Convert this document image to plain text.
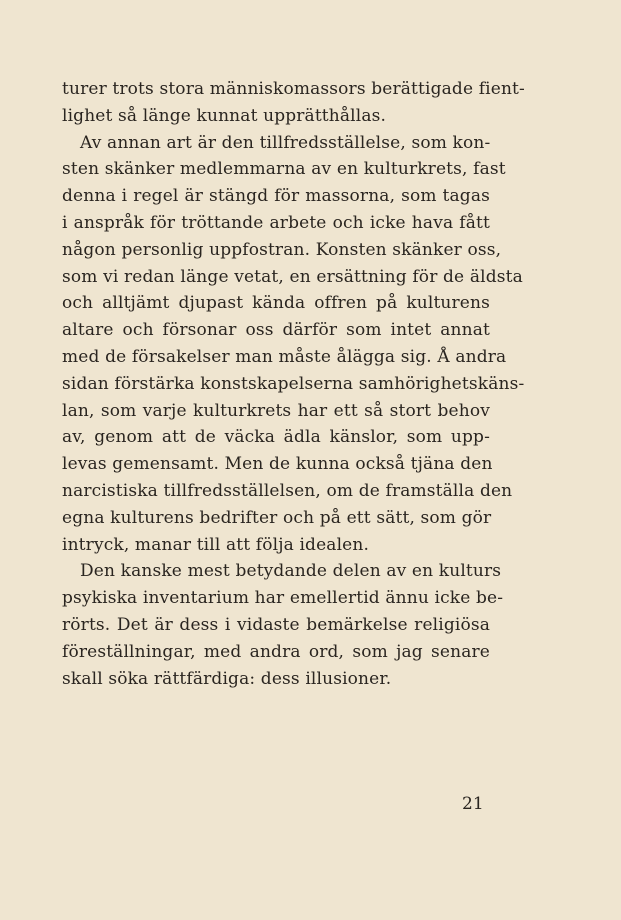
turer trots stora människomassors berättigade fient-
lighet så länge kunnat upprätthållas.
Av annan art är den tillfredsställelse, som kon-
sten skänker medlemmarna av en kulturkrets, fast
denna i regel är stängd för massorna, som tagas
i anspråk för tröttande arbete och icke hava fått
någon personlig uppfostran. Konsten skänker oss,
som vi redan länge vetat, en ersättning för de äldsta
och alltjämt djupast kända offren på kulturens
altare och försonar oss därför som intet annat
med de försakelser man måste ålägga sig. Å andra
sidan förstärka konstskapelserna samhörighetskäns-
lan, som varje kulturkrets har ett så stort behov
av, genom att de väcka ädla känslor, som upp-
levas gemensamt. Men de kunna också tjäna den
narcistiska tillfredsställelsen, om de framställa den
egna kulturens bedrifter och på ett sätt, som gör
intryck, manar till att följa idealen.
Den kanske mest betydande delen av en kulturs
psykiska inventarium har emellertid ännu icke be-
rörts. Det är dess i vidaste bemärkelse religiösa
föreställningar, med andra ord, som jag senare
skall söka rättfärdiga: dess illusioner.
21
